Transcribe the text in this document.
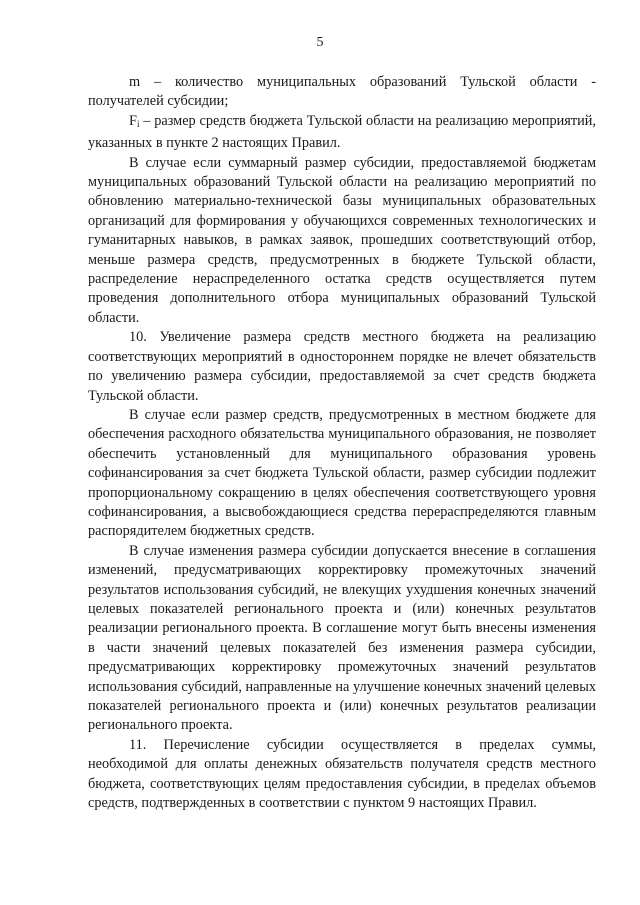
5

m – количество муниципальных образований Тульской области - получателей субсидии;

$F_i$ – размер средств бюджета Тульской области на реализацию мероприятий, указанных в пункте 2 настоящих Правил.

В случае если суммарный размер субсидии, предоставляемой бюджетам муниципальных образований Тульской области на реализацию мероприятий по обновлению материально-технической базы муниципальных образовательных организаций для формирования у обучающихся современных технологических и гуманитарных навыков, в рамках заявок, прошедших соответствующий отбор, меньше размера средств, предусмотренных в бюджете Тульской области, распределение нераспределенного остатка средств осуществляется путем проведения дополнительного отбора муниципальных образований Тульской области.

10. Увеличение размера средств местного бюджета на реализацию соответствующих мероприятий в одностороннем порядке не влечет обязательств по увеличению размера субсидии, предоставляемой за счет средств бюджета Тульской области.

В случае если размер средств, предусмотренных в местном бюджете для обеспечения расходного обязательства муниципального образования, не позволяет обеспечить установленный для муниципального образования уровень софинансирования за счет бюджета Тульской области, размер субсидии подлежит пропорциональному сокращению в целях обеспечения соответствующего уровня софинансирования, а высвобождающиеся средства перераспределяются главным распорядителем бюджетных средств.

В случае изменения размера субсидии допускается внесение в соглашения изменений, предусматривающих корректировку промежуточных значений результатов использования субсидий, не влекущих ухудшения конечных значений целевых показателей регионального проекта и (или) конечных результатов реализации регионального проекта. В соглашение могут быть внесены изменения в части значений целевых показателей без изменения размера субсидии, предусматривающих корректировку промежуточных значений результатов использования субсидий, направленные на улучшение конечных значений целевых показателей регионального проекта и (или) конечных результатов реализации регионального проекта.

11. Перечисление субсидии осуществляется в пределах суммы, необходимой для оплаты денежных обязательств получателя средств местного бюджета, соответствующих целям предоставления субсидии, в пределах объемов средств, подтвержденных в соответствии с пунктом 9 настоящих Правил.
